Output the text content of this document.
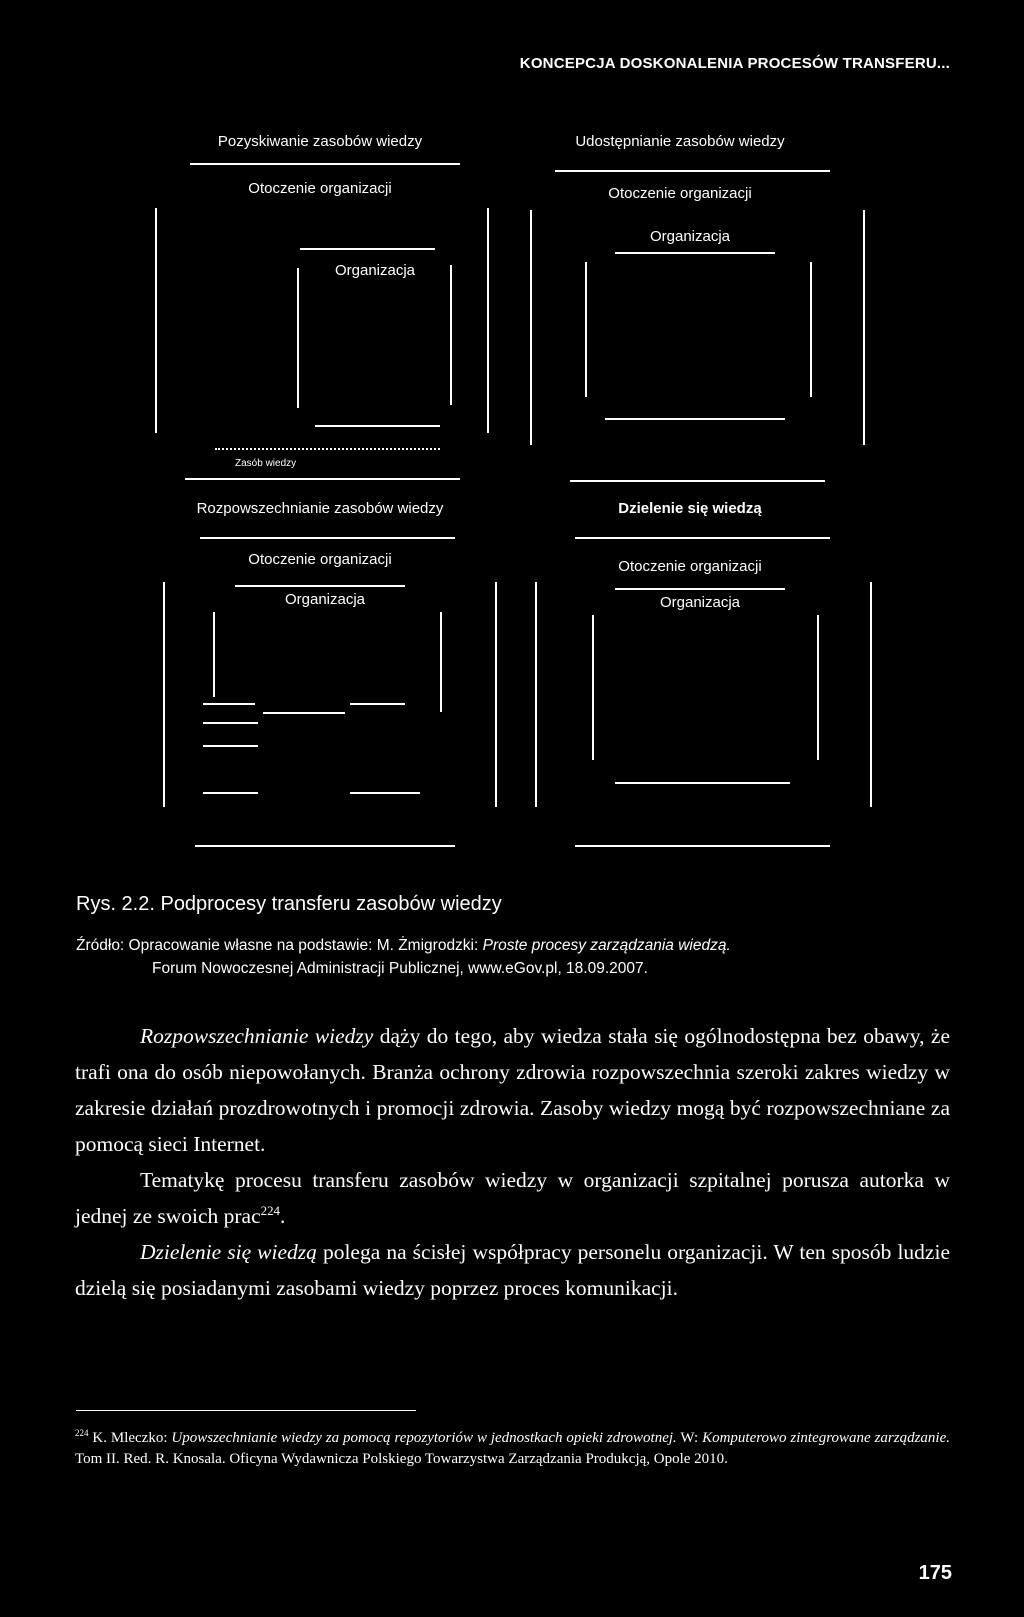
KONCEPCJA DOSKONALENIA PROCESÓW TRANSFERU...
Pozyskiwanie zasobów wiedzy
Otoczenie organizacji
Organizacja
Zasób wiedzy
Udostępnianie zasobów wiedzy
Otoczenie organizacji
Organizacja
Rozpowszechnianie zasobów wiedzy
Otoczenie organizacji
Organizacja
Dzielenie się wiedzą
Otoczenie organizacji
Organizacja
Rys. 2.2. Podprocesy transferu zasobów wiedzy
Źródło: Opracowanie własne na podstawie: M. Żmigrodzki: Proste procesy zarządzania wiedzą.
Forum Nowoczesnej Administracji Publicznej, www.eGov.pl, 18.09.2007.

Rozpowszechnianie wiedzy dąży do tego, aby wiedza stała się ogólnodostępna bez obawy, że trafi ona do osób niepowołanych. Branża ochrony zdrowia rozpowszechnia szeroki zakres wiedzy w zakresie działań prozdrowotnych i promocji zdrowia. Zasoby wiedzy mogą być rozpowszechniane za pomocą sieci Internet.

Tematykę procesu transferu zasobów wiedzy w organizacji szpitalnej porusza autorka w jednej ze swoich prac$^{224}$.

Dzielenie się wiedzą polega na ścisłej współpracy personelu organizacji. W ten sposób ludzie dzielą się posiadanymi zasobami wiedzy poprzez proces komunikacji.

$^{224}$ K. Mleczko: Upowszechnianie wiedzy za pomocą repozytoriów w jednostkach opieki zdrowotnej. W: Komputerowo zintegrowane zarządzanie. Tom II. Red. R. Knosala. Oficyna Wydawnicza Polskiego Towarzystwa Zarządzania Produkcją, Opole 2010.
175
